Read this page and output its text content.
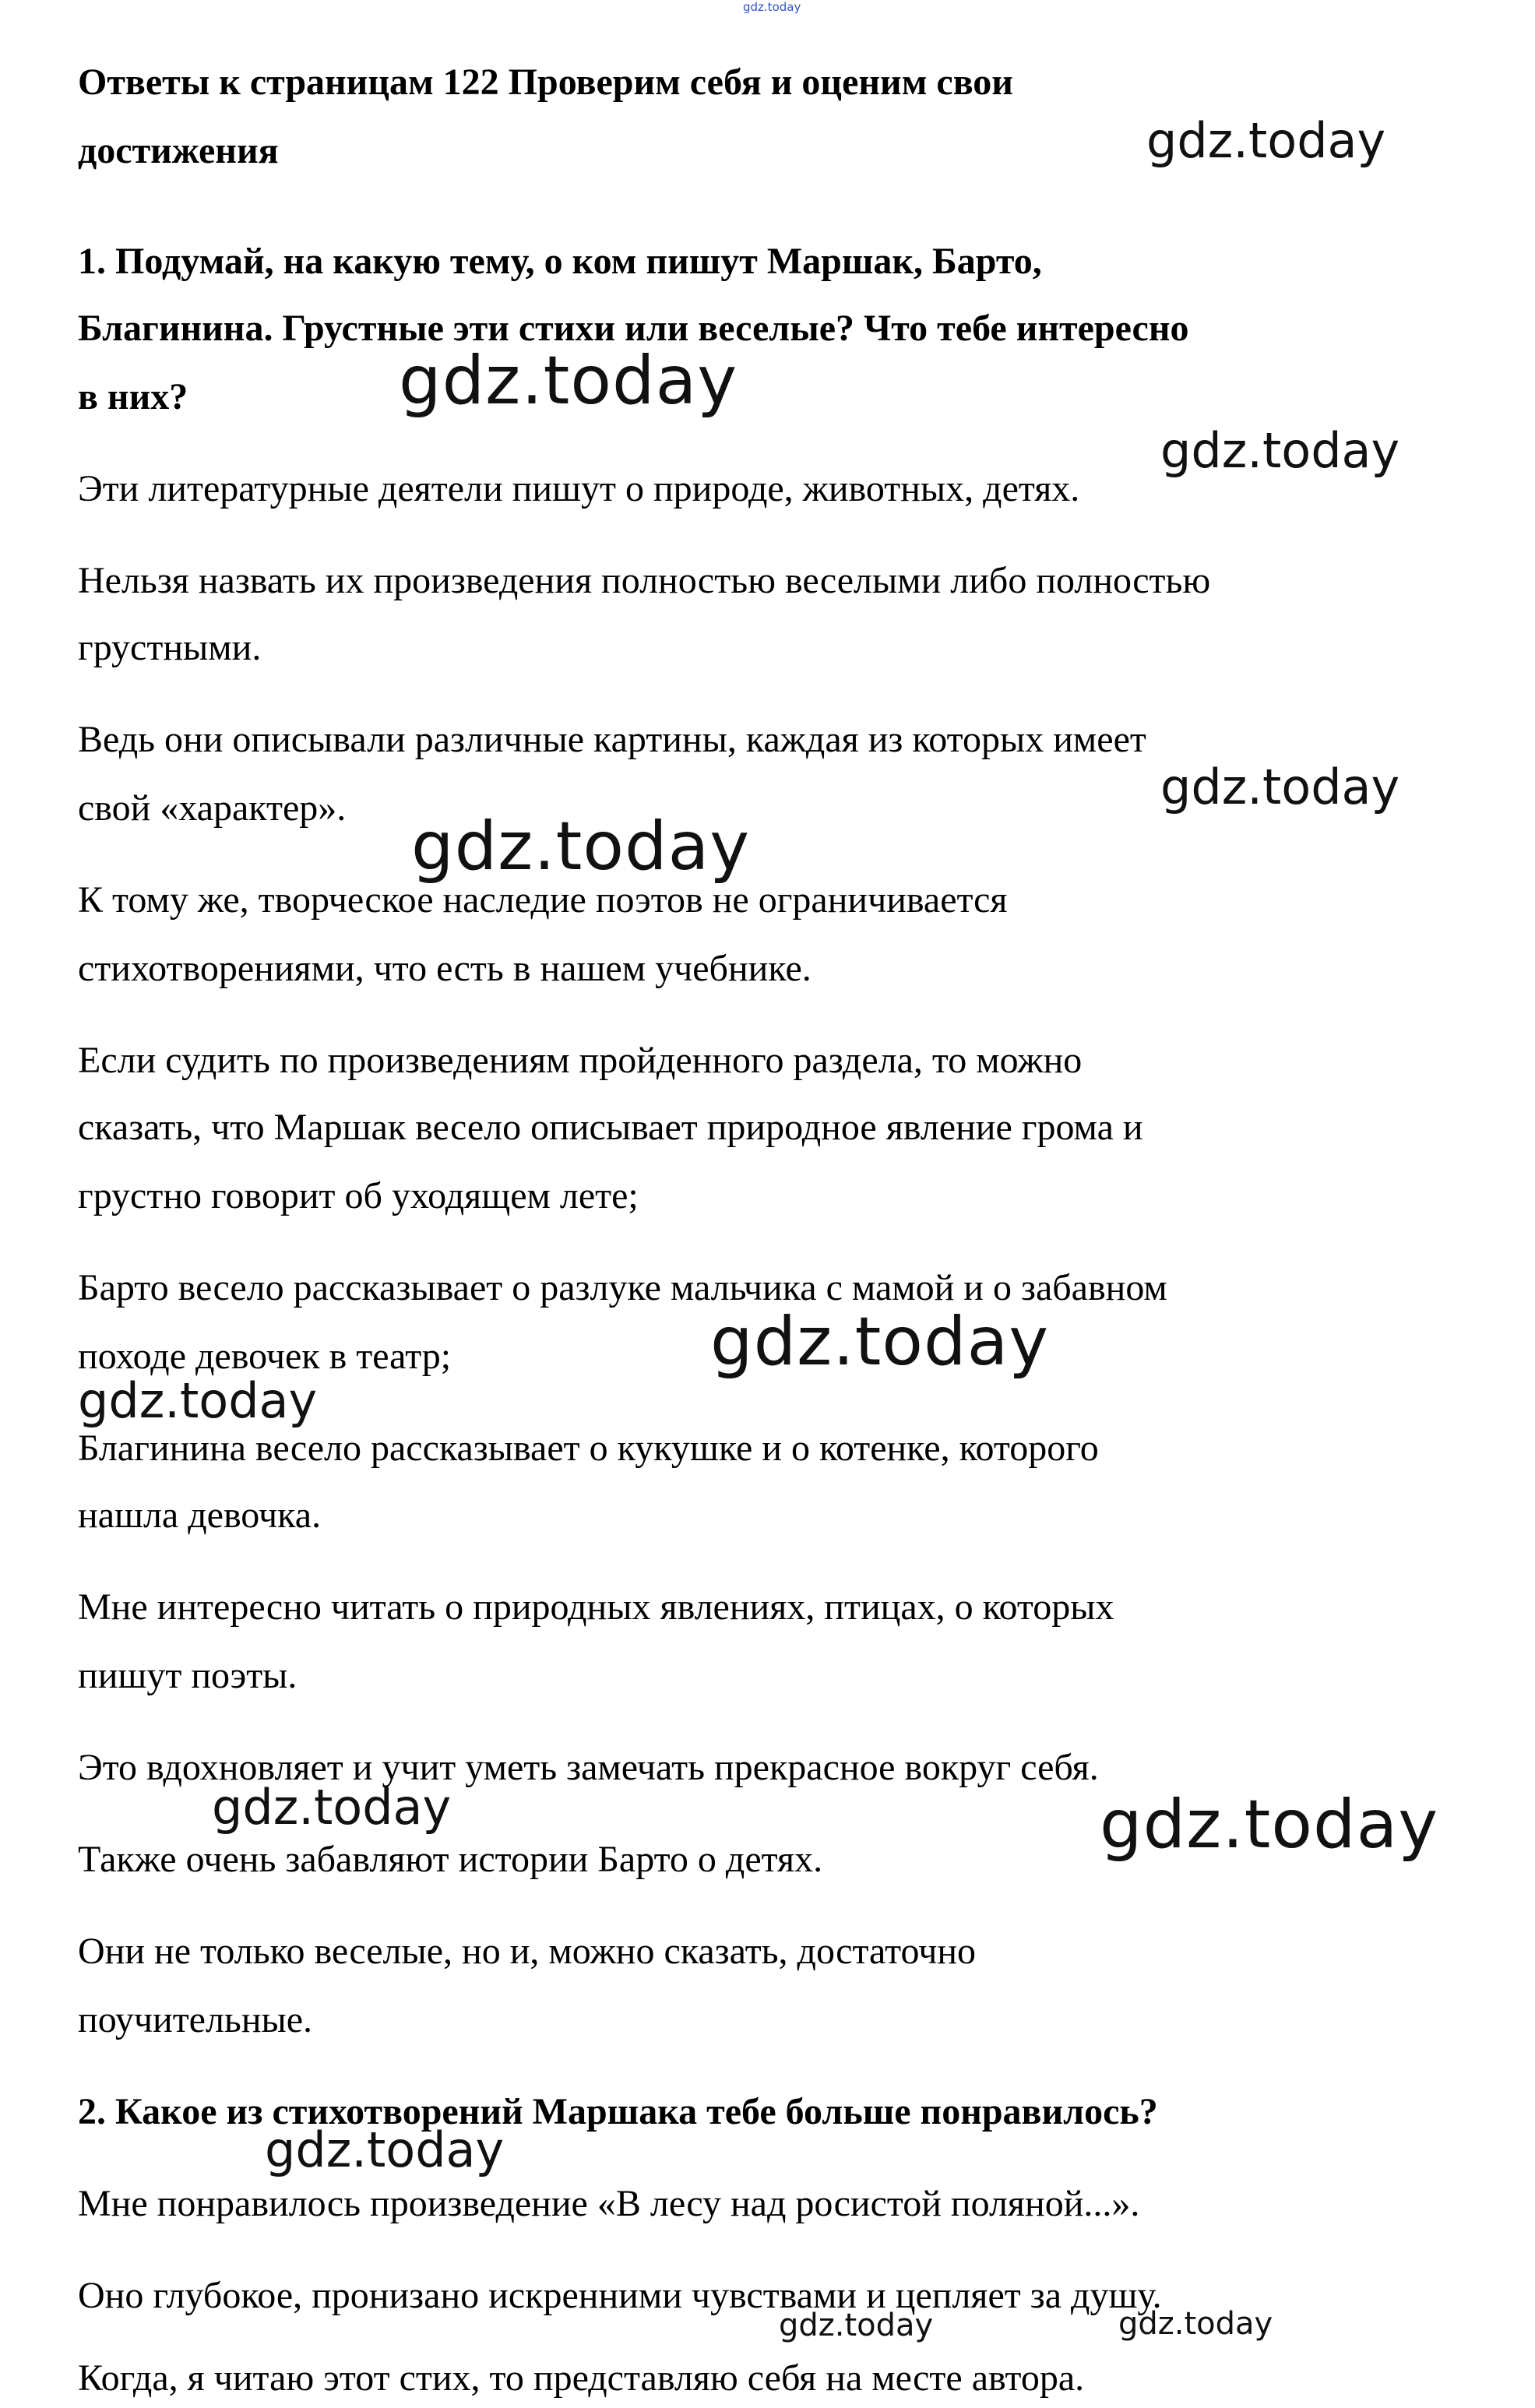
Ответы к страницам 122 Проверим себя и оценим свои
достижения
1. Подумай, на какую тему, о ком пишут Маршак, Барто,
Благинина. Грустные эти стихи или веселые? Что тебе интересно
в них?
Эти литературные деятели пишут о природе, животных, детях.
Нельзя назвать их произведения полностью веселыми либо полностью
грустными.
Ведь они описывали различные картины, каждая из которых имеет
свой «характер».
К тому же, творческое наследие поэтов не ограничивается
стихотворениями, что есть в нашем учебнике.
Если судить по произведениям пройденного раздела, то можно
сказать, что Маршак весело описывает природное явление грома и
грустно говорит об уходящем лете;
Барто весело рассказывает о разлуке мальчика с мамой и о забавном
походе девочек в театр;
Благинина весело рассказывает о кукушке и о котенке, которого
нашла девочка.
Мне интересно читать о природных явлениях, птицах, о которых
пишут поэты.
Это вдохновляет и учит уметь замечать прекрасное вокруг себя.
Также очень забавляют истории Барто о детях.
Они не только веселые, но и, можно сказать, достаточно
поучительные.
2. Какое из стихотворений Маршака тебе больше понравилось?
Мне понравилось произведение «В лесу над росистой поляной...».
Оно глубокое, пронизано искренними чувствами и цепляет за душу.
Когда, я читаю этот стих, то представляю себя на месте автора.
gdz.today
gdz.today
gdz.today
gdz.today
gdz.today
gdz.today
gdz.today
gdz.today
gdz.today	gdz.today
gdz.today
gdz.today	gdz.today
